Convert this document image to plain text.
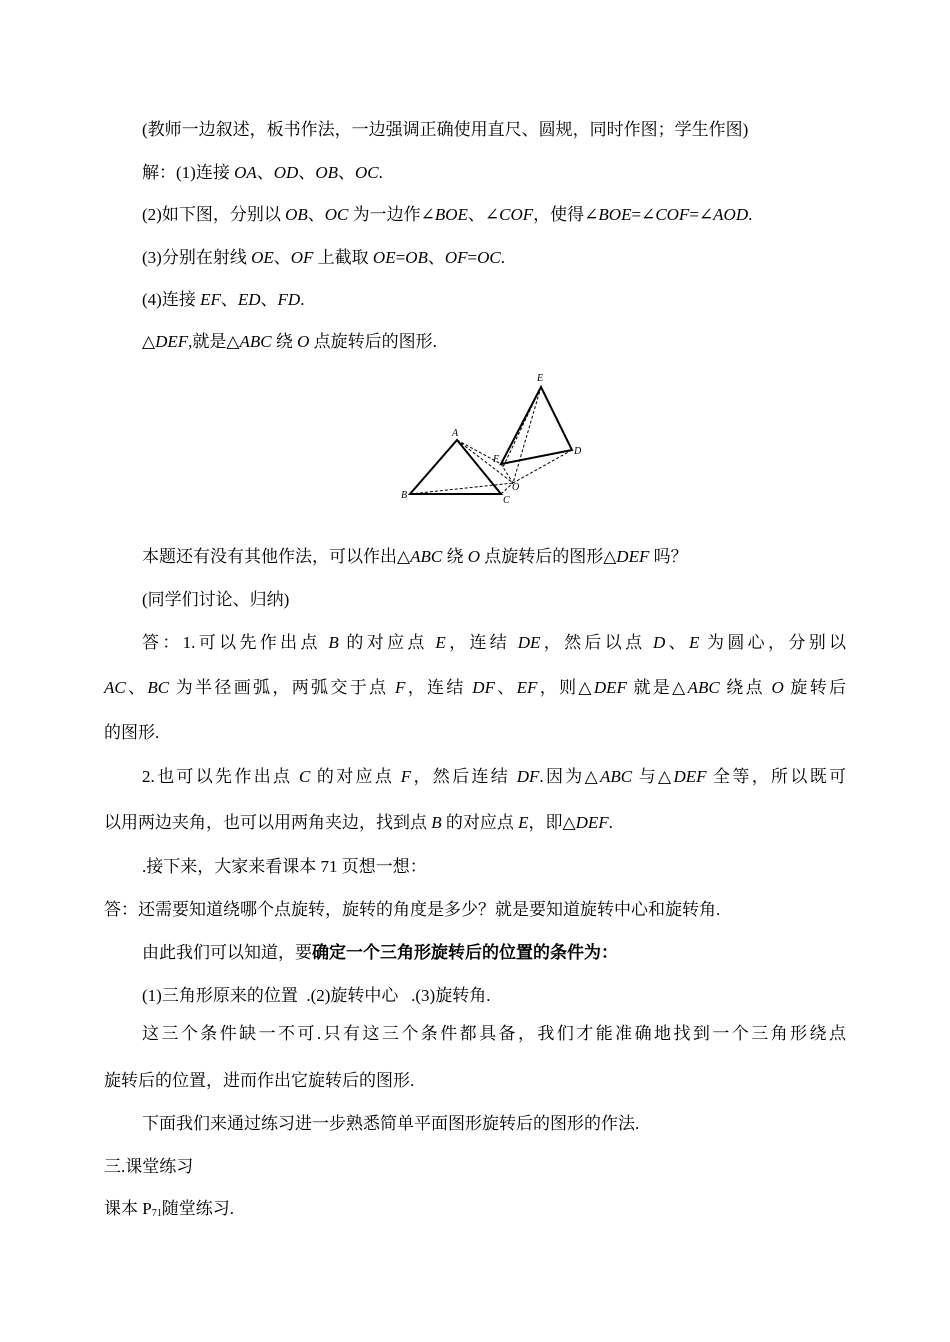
(教师一边叙述，板书作法，一边强调正确使用直尺、圆规，同时作图；学生作图)
解：(1)连接 OA、OD、OB、OC.
(2)如下图，分别以 OB、OC 为一边作∠BOE、∠COF，使得∠BOE=∠COF=∠AOD.
(3)分别在射线 OE、OF 上截取 OE=OB、OF=OC.
(4)连接 EF、ED、FD.
△DEF,就是△ABC 绕 O 点旋转后的图形.
A
B	C
D
E
F
O
本题还有没有其他作法，可以作出△ABC 绕 O 点旋转后的图形△DEF 吗？
(同学们讨论、归纳)
答：1.可以先作出点 B 的对应点 E，连结 DE，然后以点 D、E 为圆心，分别以
AC、BC 为半径画弧，两弧交于点 F，连结 DF、EF，则△DEF 就是△ABC 绕点 O 旋转后
的图形.
2.也可以先作出点 C 的对应点 F，然后连结 DF.因为△ABC 与△DEF 全等，所以既可
以用两边夹角，也可以用两角夹边，找到点 B 的对应点 E，即△DEF.
.接下来，大家来看课本 71 页想一想：
答：还需要知道绕哪个点旋转，旋转的角度是多少？就是要知道旋转中心和旋转角.
由此我们可以知道，要确定一个三角形旋转后的位置的条件为：
(1)三角形原来的位置  .(2)旋转中心   .(3)旋转角.
这三个条件缺一不可.只有这三个条件都具备，我们才能准确地找到一个三角形绕点
旋转后的位置，进而作出它旋转后的图形.
下面我们来通过练习进一步熟悉简单平面图形旋转后的图形的作法.
三.课堂练习
课本 $P_{71}$随堂练习.
